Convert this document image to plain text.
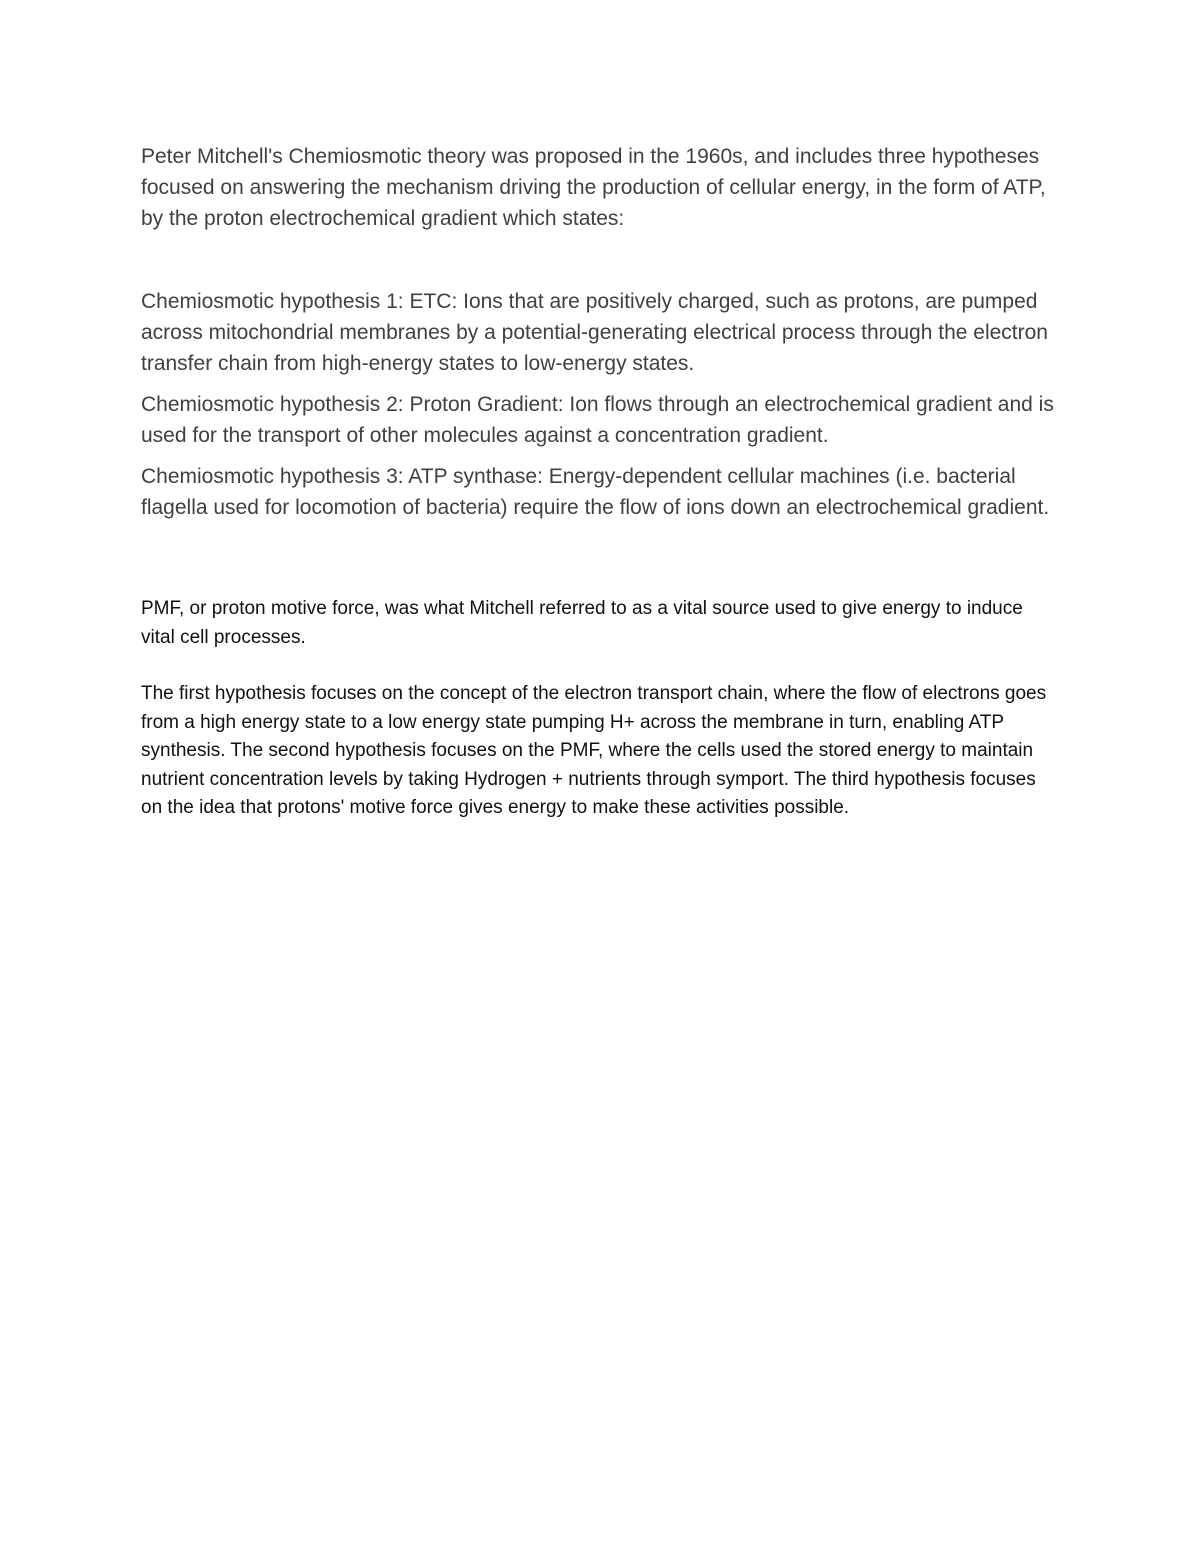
Peter Mitchell's Chemiosmotic theory was proposed in the 1960s, and includes three hypotheses focused on answering the mechanism driving the production of cellular energy, in the form of ATP, by the proton electrochemical gradient which states:

Chemiosmotic hypothesis 1: ETC: Ions that are positively charged, such as protons, are pumped across mitochondrial membranes by a potential-generating electrical process through the electron transfer chain from high-energy states to low-energy states.

Chemiosmotic hypothesis 2: Proton Gradient: Ion flows through an electrochemical gradient and is used for the transport of other molecules against a concentration gradient.

Chemiosmotic hypothesis 3: ATP synthase: Energy-dependent cellular machines (i.e. bacterial flagella used for locomotion of bacteria) require the flow of ions down an electrochemical gradient.

PMF, or proton motive force, was what Mitchell referred to as a vital source used to give energy to induce vital cell processes.

The first hypothesis focuses on the concept of the electron transport chain, where the flow of electrons goes from a high energy state to a low energy state pumping H+ across the membrane in turn, enabling ATP synthesis. The second hypothesis focuses on the PMF, where the cells used the stored energy to maintain nutrient concentration levels by taking Hydrogen + nutrients through symport. The third hypothesis focuses on the idea that protons' motive force gives energy to make these activities possible.
